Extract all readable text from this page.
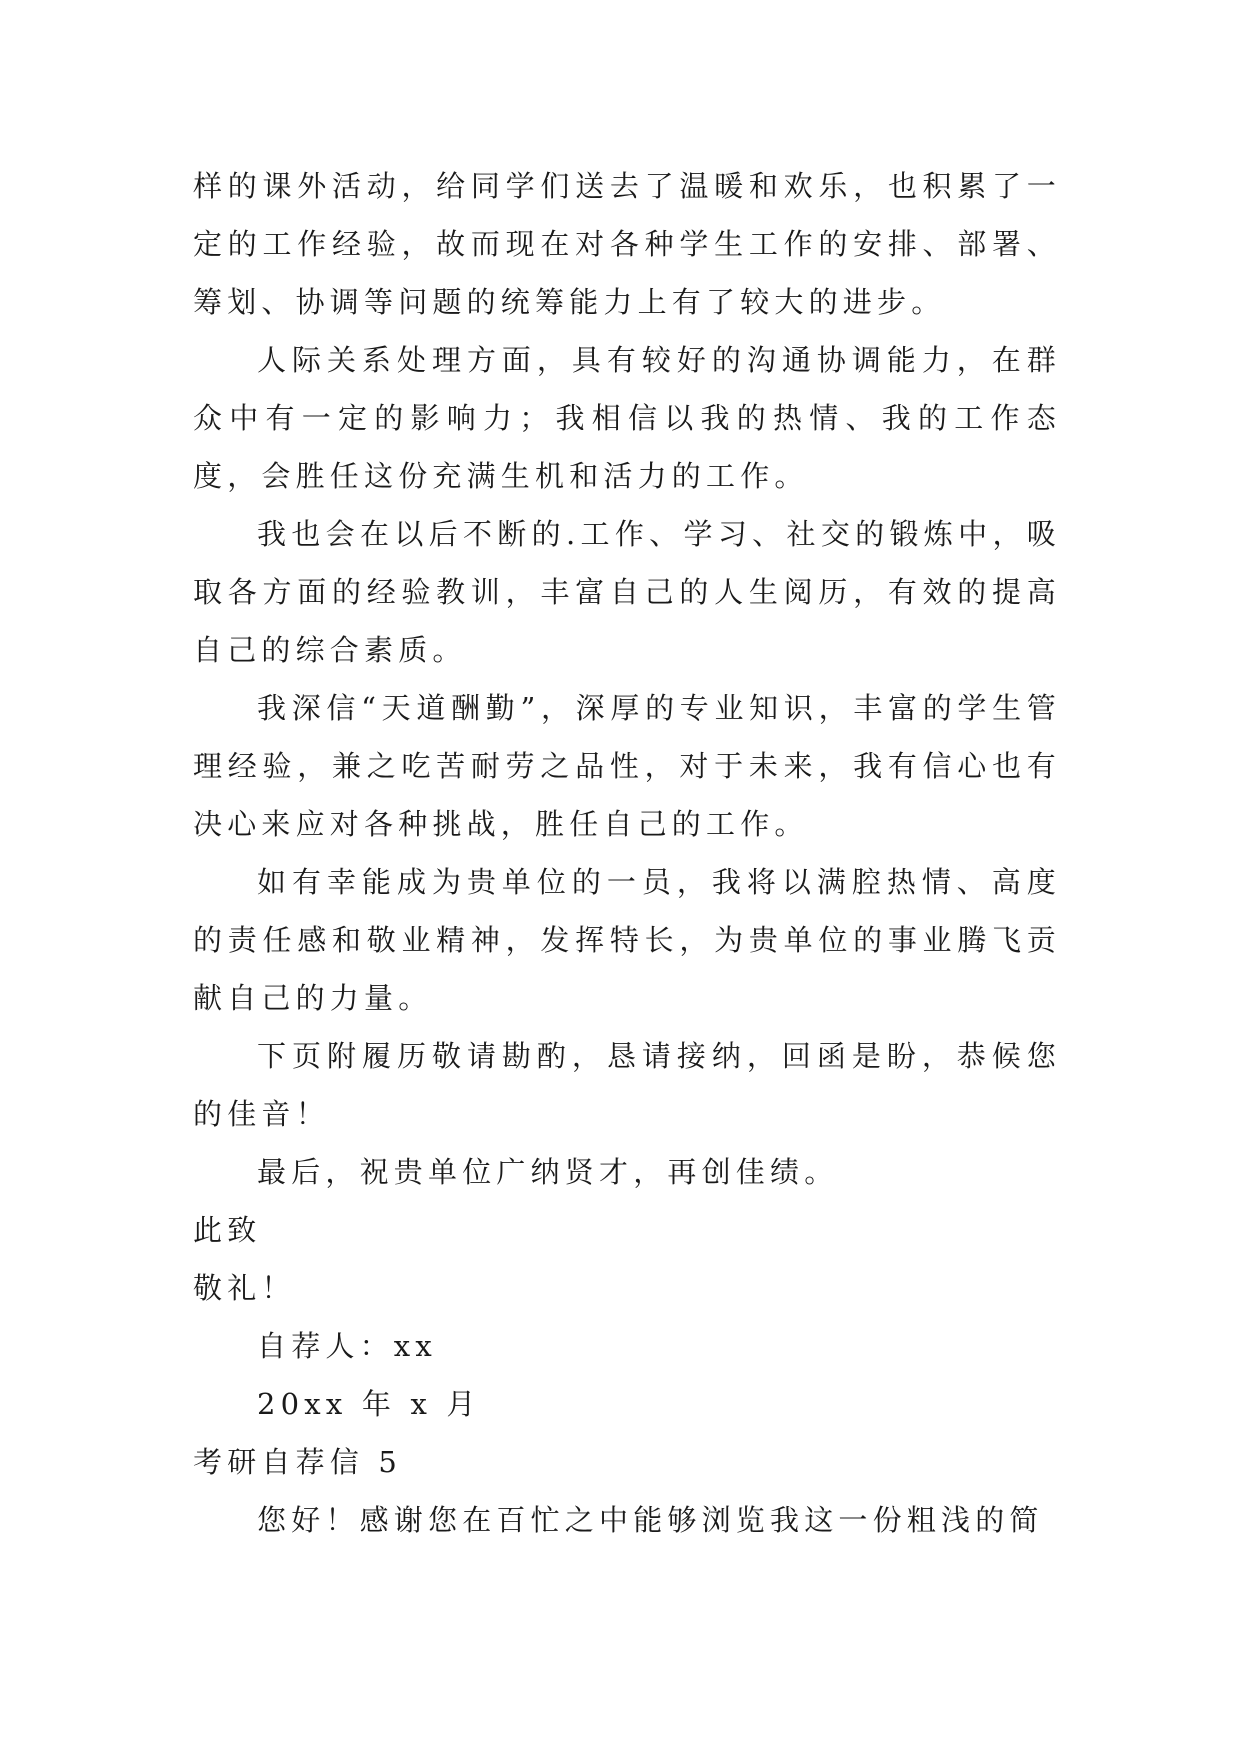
样的课外活动，给同学们送去了温暖和欢乐，也积累了一定的工作经验，故而现在对各种学生工作的安排、部署、筹划、协调等问题的统筹能力上有了较大的进步。

人际关系处理方面，具有较好的沟通协调能力，在群众中有一定的影响力；我相信以我的热情、我的工作态度，会胜任这份充满生机和活力的工作。

我也会在以后不断的.工作、学习、社交的锻炼中，吸取各方面的经验教训，丰富自己的人生阅历，有效的提高自己的综合素质。

我深信“天道酬勤”，深厚的专业知识，丰富的学生管理经验，兼之吃苦耐劳之品性，对于未来，我有信心也有决心来应对各种挑战，胜任自己的工作。

如有幸能成为贵单位的一员，我将以满腔热情、高度的责任感和敬业精神，发挥特长，为贵单位的事业腾飞贡献自己的力量。

下页附履历敬请勘酌，恳请接纳，回函是盼，恭候您的佳音！

最后，祝贵单位广纳贤才，再创佳绩。

此致

敬礼！

自荐人：xx

20xx 年 x 月

考研自荐信 5

您好！感谢您在百忙之中能够浏览我这一份粗浅的简
